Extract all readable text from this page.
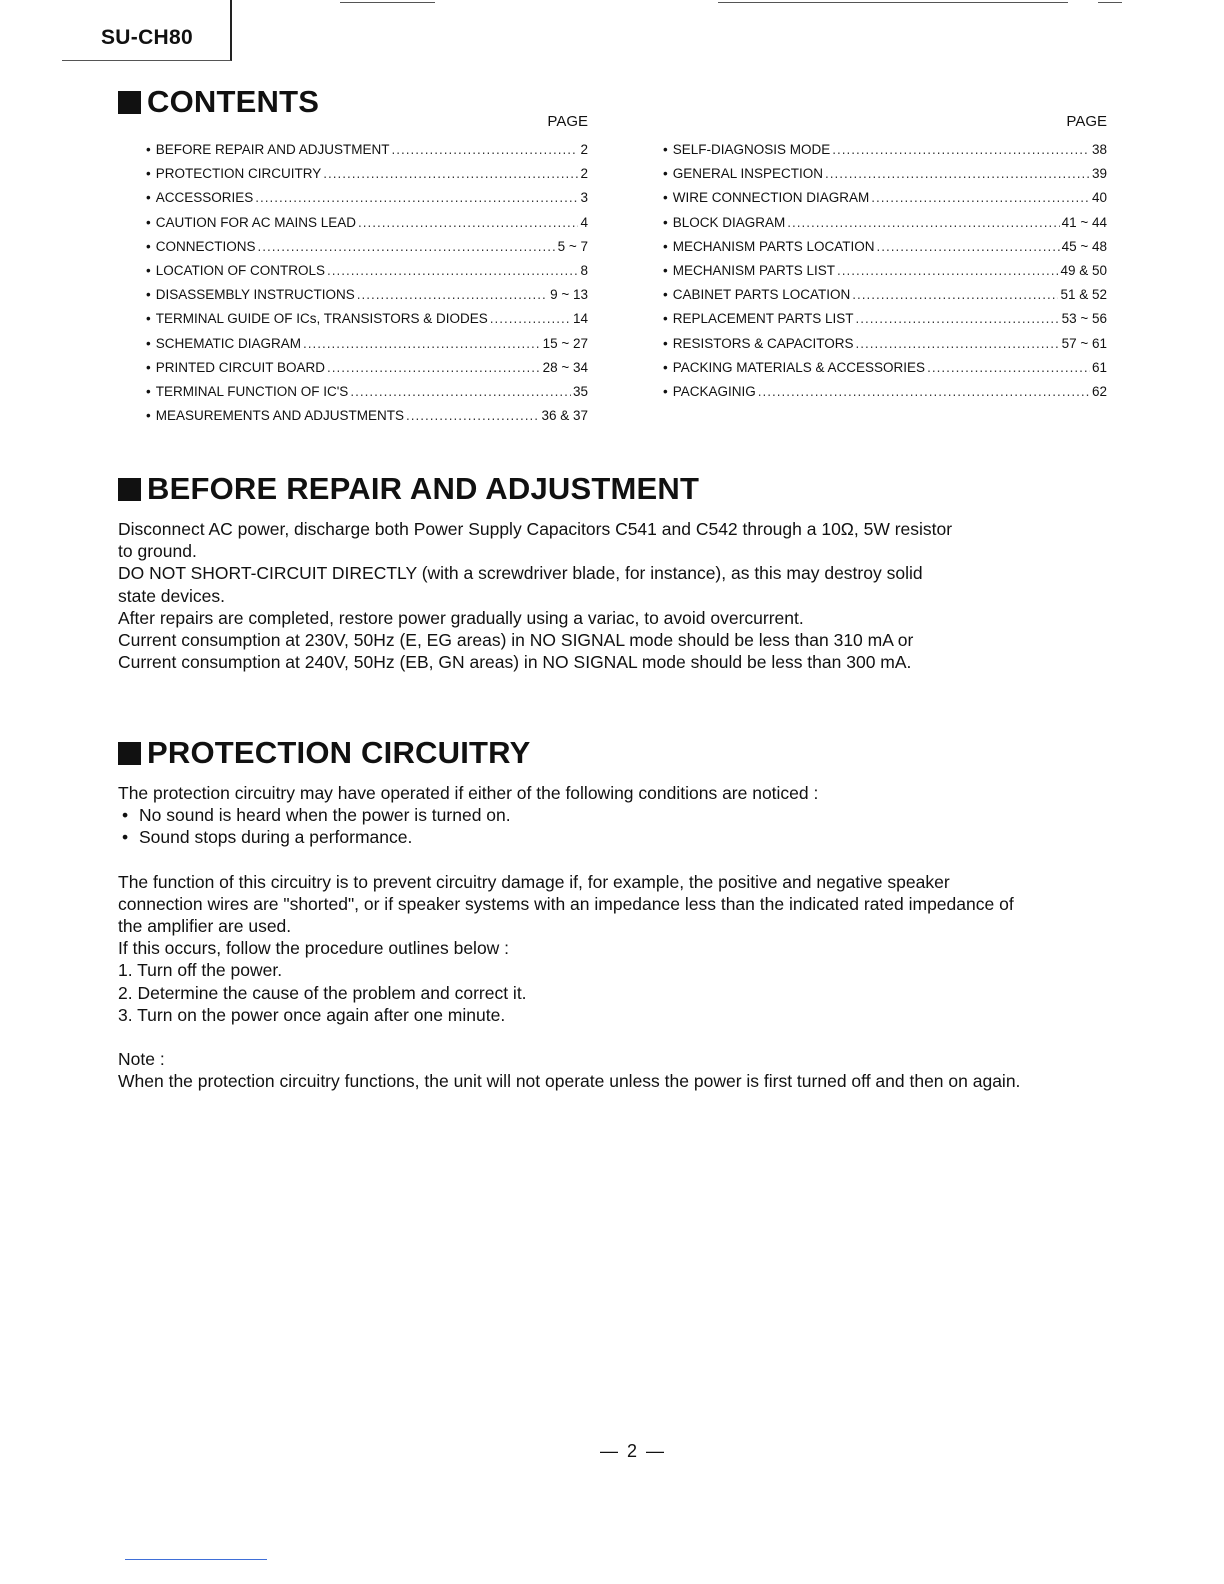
SU-CH80
CONTENTS
PAGE
• BEFORE REPAIR AND ADJUSTMENT .....	2
• PROTECTION CIRCUITRY .....	2
• ACCESSORIES .....	3
• CAUTION FOR AC MAINS LEAD .....	4
• CONNECTIONS .....	5 ~ 7
• LOCATION OF CONTROLS .....	8
• DISASSEMBLY INSTRUCTIONS .....	9 ~ 13
• TERMINAL GUIDE OF ICs, TRANSISTORS & DIODES .....	14
• SCHEMATIC DIAGRAM .....	15 ~ 27
• PRINTED CIRCUIT BOARD .....	28 ~ 34
• TERMINAL FUNCTION OF IC'S .....	35
• MEASUREMENTS AND ADJUSTMENTS .....	36 & 37
PAGE
• SELF-DIAGNOSIS MODE .....	38
• GENERAL INSPECTION .....	39
• WIRE CONNECTION DIAGRAM .....	40
• BLOCK DIAGRAM .....	41 ~ 44
• MECHANISM PARTS LOCATION .....	45 ~ 48
• MECHANISM PARTS LIST .....	49 & 50
• CABINET PARTS LOCATION .....	51 & 52
• REPLACEMENT PARTS LIST .....	53 ~ 56
• RESISTORS & CAPACITORS .....	57 ~ 61
• PACKING MATERIALS & ACCESSORIES .....	61
• PACKAGINIG .....	62
BEFORE REPAIR AND ADJUSTMENT

Disconnect AC power, discharge both Power Supply Capacitors C541 and C542 through a 10Ω, 5W resistor

to ground.

DO NOT SHORT-CIRCUIT DIRECTLY (with a screwdriver blade, for instance), as this may destroy solid

state devices.

After repairs are completed, restore power gradually using a variac, to avoid overcurrent.

Current consumption at 230V, 50Hz (E, EG areas) in NO SIGNAL mode should be less than 310 mA or

Current consumption at 240V, 50Hz (EB, GN areas) in NO SIGNAL mode should be less than 300 mA.

PROTECTION CIRCUITRY

The protection circuitry may have operated if either of the following conditions are noticed :

• No sound is heard when the power is turned on.
• Sound stops during a performance.

The function of this circuitry is to prevent circuitry damage if, for example, the positive and negative speaker

connection wires are "shorted", or if speaker systems with an impedance less than the indicated rated impedance of

the amplifier are used.

If this occurs, follow the procedure outlines below :

1. Turn off the power.

2. Determine the cause of the problem and correct it.

3. Turn on the power once again after one minute.

Note :

When the protection circuitry functions, the unit will not operate unless the power is first turned off and then on again.

— 2 —
